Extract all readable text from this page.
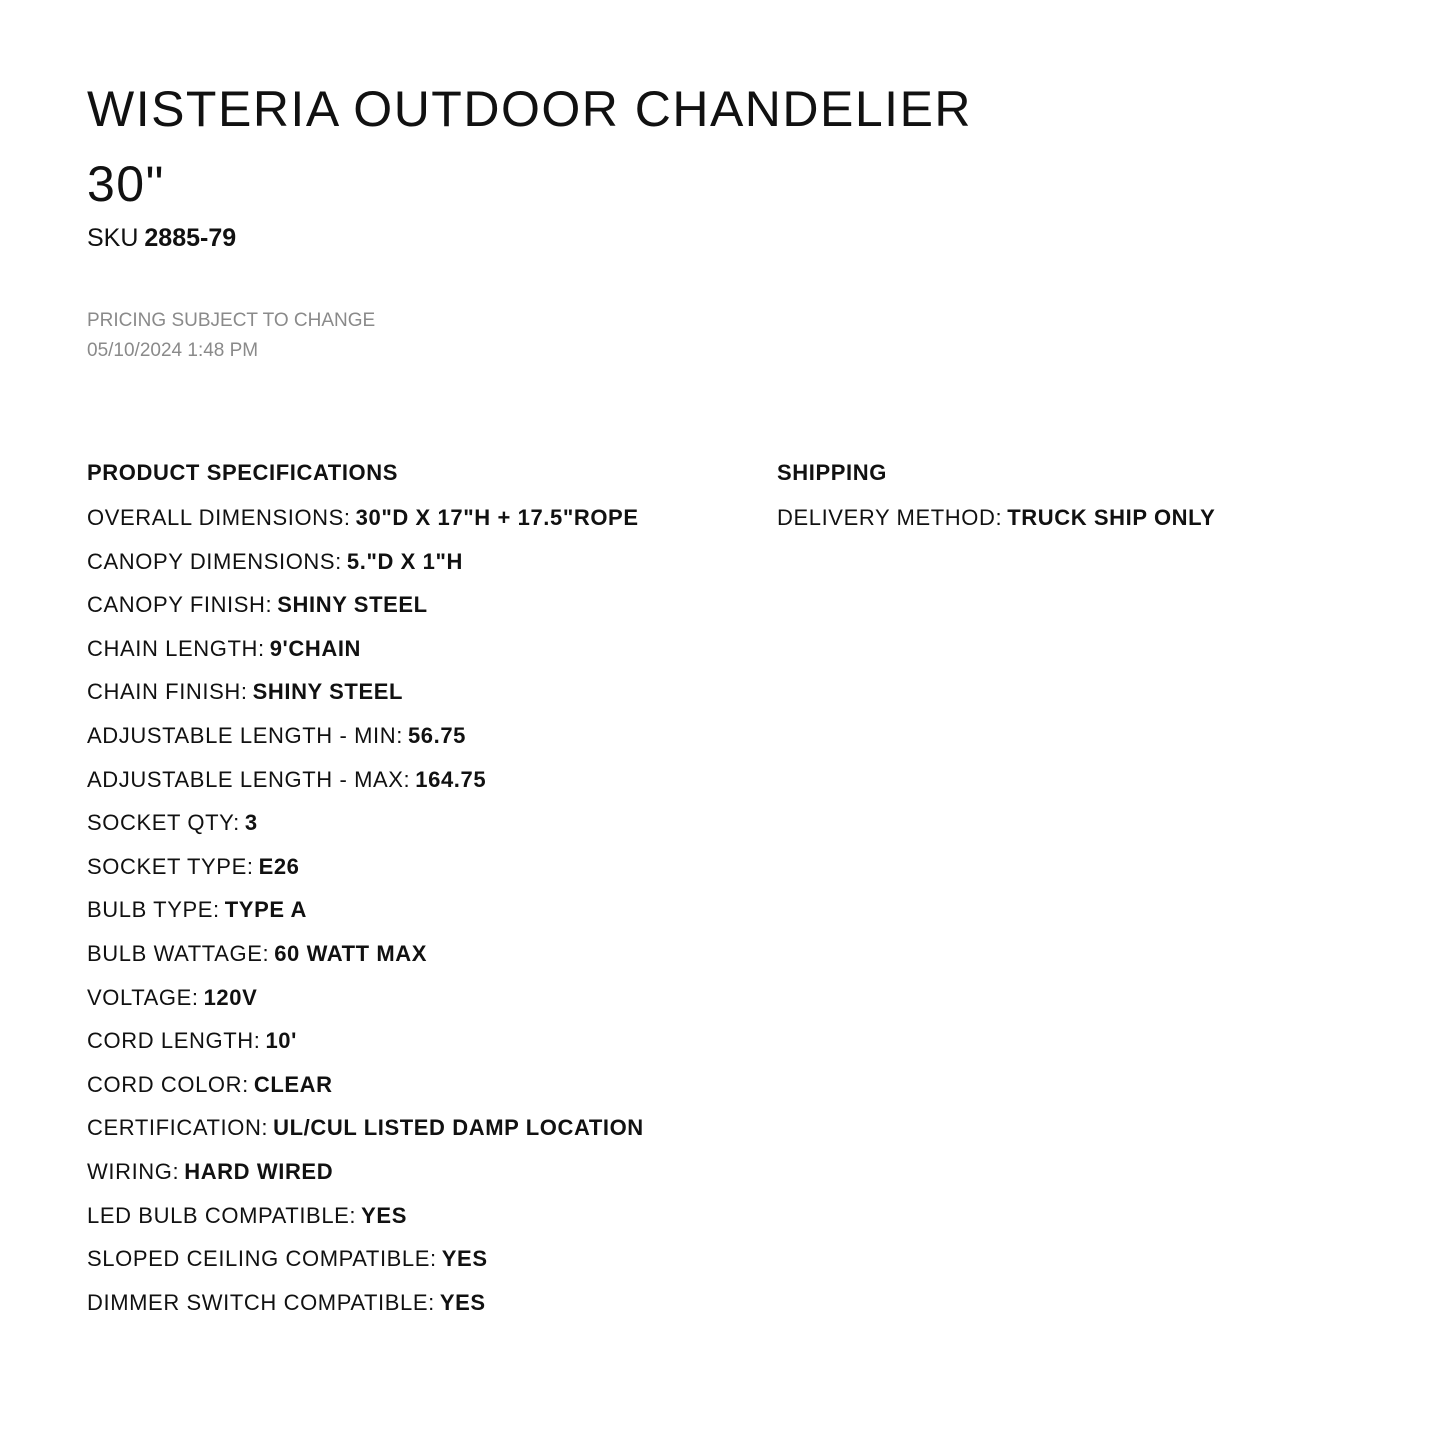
WISTERIA OUTDOOR CHANDELIER
30"
SKU 2885-79
PRICING SUBJECT TO CHANGE
05/10/2024 1:48 PM
PRODUCT SPECIFICATIONS
OVERALL DIMENSIONS: 30"D X 17"H + 17.5"ROPE
CANOPY DIMENSIONS: 5."D X 1"H
CANOPY FINISH: SHINY STEEL
CHAIN LENGTH: 9'CHAIN
CHAIN FINISH: SHINY STEEL
ADJUSTABLE LENGTH - MIN: 56.75
ADJUSTABLE LENGTH - MAX: 164.75
SOCKET QTY: 3
SOCKET TYPE: E26
BULB TYPE: TYPE A
BULB WATTAGE: 60 WATT MAX
VOLTAGE: 120V
CORD LENGTH: 10'
CORD COLOR: CLEAR
CERTIFICATION: UL/CUL LISTED DAMP LOCATION
WIRING: HARD WIRED
LED BULB COMPATIBLE: YES
SLOPED CEILING COMPATIBLE: YES
DIMMER SWITCH COMPATIBLE: YES
SHIPPING
DELIVERY METHOD: TRUCK SHIP ONLY
